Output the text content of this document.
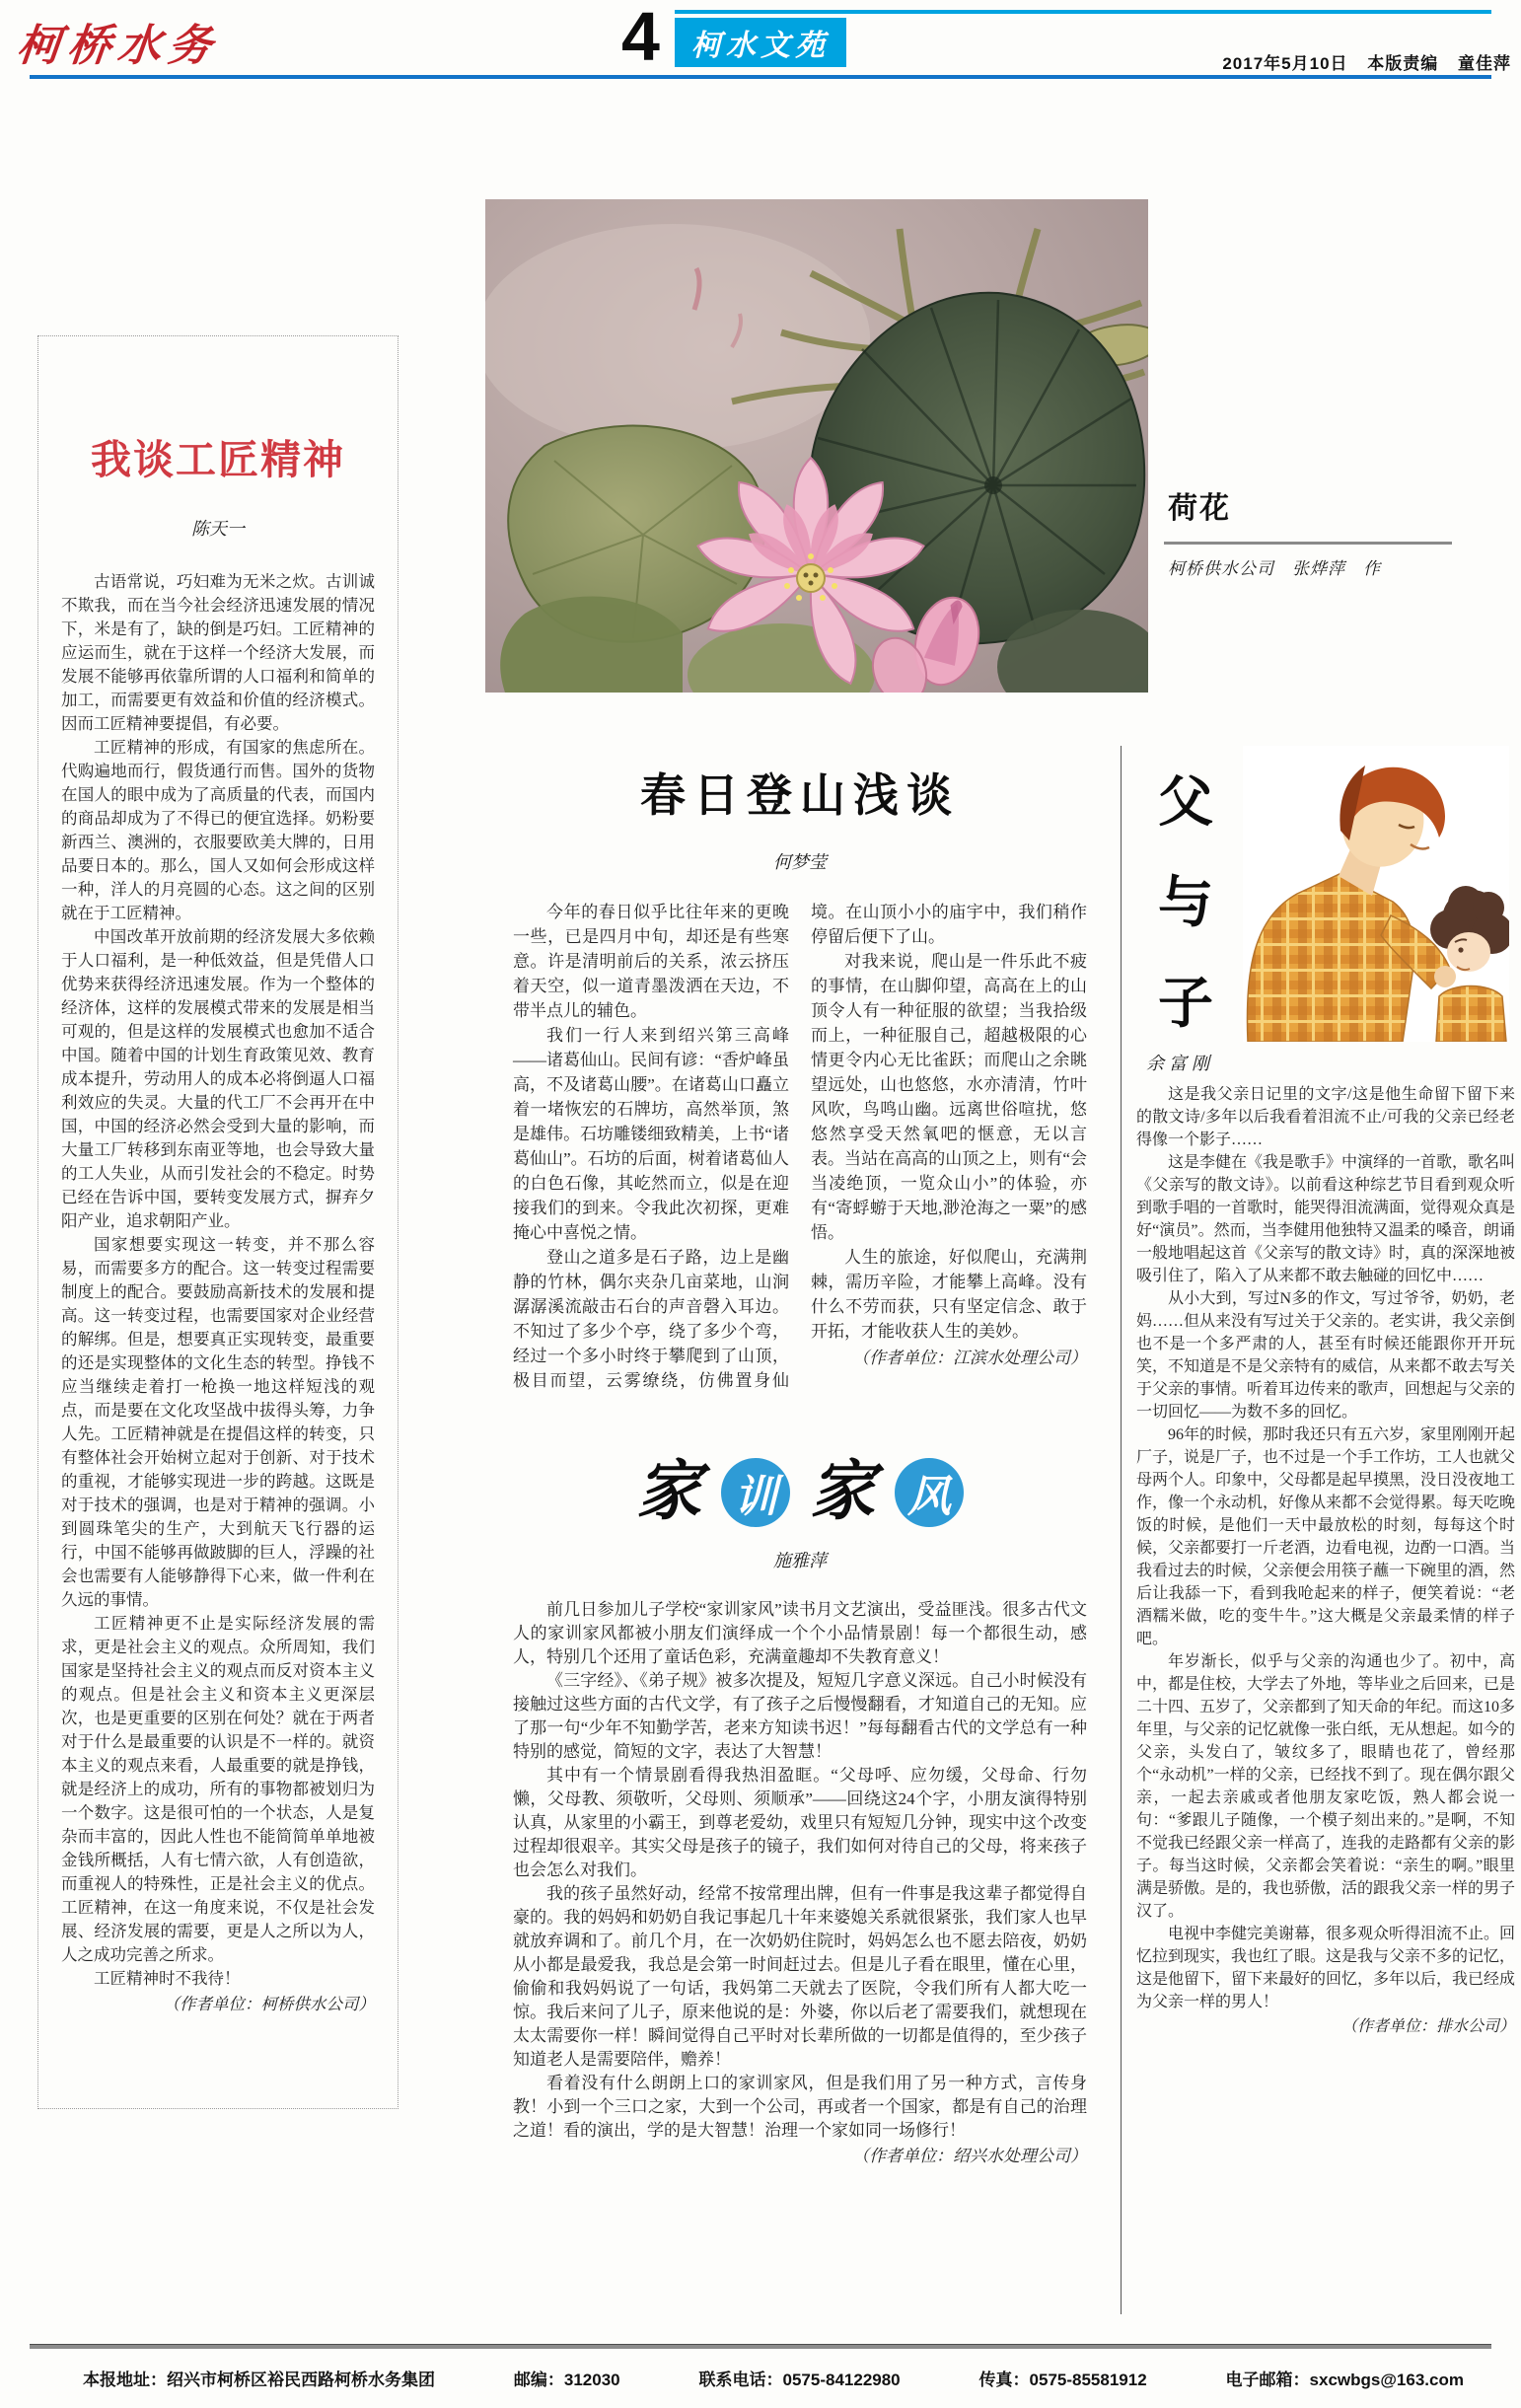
柯桥水务	4 柯水文苑
2017年5月10日 本版责编 童佳萍
荷花
柯桥供水公司　张烨萍　作
我谈工匠精神
陈天一

古语常说，巧妇难为无米之炊。古训诚不欺我，而在当今社会经济迅速发展的情况下，米是有了，缺的倒是巧妇。工匠精神的应运而生，就在于这样一个经济大发展，而发展不能够再依靠所谓的人口福利和简单的加工，而需要更有效益和价值的经济模式。因而工匠精神要提倡，有必要。

工匠精神的形成，有国家的焦虑所在。代购遍地而行，假货通行而售。国外的货物在国人的眼中成为了高质量的代表，而国内的商品却成为了不得已的便宜选择。奶粉要新西兰、澳洲的，衣服要欧美大牌的，日用品要日本的。那么，国人又如何会形成这样一种，洋人的月亮圆的心态。这之间的区别就在于工匠精神。

中国改革开放前期的经济发展大多依赖于人口福利，是一种低效益，但是凭借人口优势来获得经济迅速发展。作为一个整体的经济体，这样的发展模式带来的发展是相当可观的，但是这样的发展模式也愈加不适合中国。随着中国的计划生育政策见效、教育成本提升，劳动用人的成本必将倒逼人口福利效应的失灵。大量的代工厂不会再开在中国，中国的经济必然会受到大量的影响，而大量工厂转移到东南亚等地，也会导致大量的工人失业，从而引发社会的不稳定。时势已经在告诉中国，要转变发展方式，摒弃夕阳产业，追求朝阳产业。

国家想要实现这一转变，并不那么容易，而需要多方的配合。这一转变过程需要制度上的配合。要鼓励高新技术的发展和提高。这一转变过程，也需要国家对企业经营的解绑。但是，想要真正实现转变，最重要的还是实现整体的文化生态的转型。挣钱不应当继续走着打一枪换一地这样短浅的观点，而是要在文化攻坚战中拔得头筹，力争人先。工匠精神就是在提倡这样的转变，只有整体社会开始树立起对于创新、对于技术的重视，才能够实现进一步的跨越。这既是对于技术的强调，也是对于精神的强调。小到圆珠笔尖的生产，大到航天飞行器的运行，中国不能够再做跛脚的巨人，浮躁的社会也需要有人能够静得下心来，做一件利在久远的事情。

工匠精神更不止是实际经济发展的需求，更是社会主义的观点。众所周知，我们国家是坚持社会主义的观点而反对资本主义的观点。但是社会主义和资本主义更深层次，也是更重要的区别在何处？就在于两者对于什么是最重要的认识是不一样的。就资本主义的观点来看，人最重要的就是挣钱，就是经济上的成功，所有的事物都被划归为一个数字。这是很可怕的一个状态，人是复杂而丰富的，因此人性也不能简简单单地被金钱所概括，人有七情六欲，人有创造欲，而重视人的特殊性，正是社会主义的优点。工匠精神，在这一角度来说，不仅是社会发展、经济发展的需要，更是人之所以为人，人之成功完善之所求。

工匠精神时不我待！

（作者单位：柯桥供水公司）

春日登山浅谈
何梦莹

今年的春日似乎比往年来的更晚一些，已是四月中旬，却还是有些寒意。许是清明前后的关系，浓云挤压着天空，似一道青墨泼洒在天边，不带半点儿的辅色。

我们一行人来到绍兴第三高峰——诸葛仙山。民间有谚：“香炉峰虽高，不及诸葛山腰”。在诸葛山口矗立着一堵恢宏的石牌坊，高然举顶，煞是雄伟。石坊雕镂细致精美，上书“诸葛仙山”。石坊的后面，树着诸葛仙人的白色石像，其屹然而立，似是在迎接我们的到来。令我此次初探，更难掩心中喜悦之情。

登山之道多是石子路，边上是幽静的竹林，偶尔夹杂几亩菜地，山涧潺潺溪流敲击石台的声音磬入耳边。不知过了多少个亭，绕了多少个弯，经过一个多小时终于攀爬到了山顶，极目而望，云雾缭绕，仿佛置身仙境。在山顶小小的庙宇中，我们稍作停留后便下了山。

对我来说，爬山是一件乐此不疲的事情，在山脚仰望，高高在上的山顶令人有一种征服的欲望；当我拾级而上，一种征服自己，超越极限的心情更令内心无比雀跃；而爬山之余眺望远处，山也悠悠，水亦清清，竹叶风吹，鸟鸣山幽。远离世俗喧扰，悠悠然享受天然氧吧的惬意，无以言表。当站在高高的山顶之上，则有“会当凌绝顶，一览众山小”的体验，亦有“寄蜉蝣于天地,渺沧海之一粟”的感悟。

人生的旅途，好似爬山，充满荆棘，需历辛险，才能攀上高峰。没有什么不劳而获，只有坚定信念、敢于开拓，才能收获人生的美妙。

（作者单位：江滨水处理公司）

家 训 家 风
施雅萍

前几日参加儿子学校“家训家风”读书月文艺演出，受益匪浅。很多古代文人的家训家风都被小朋友们演绎成一个个小品情景剧！每一个都很生动，感人，特别几个还用了童话色彩，充满童趣却不失教育意义！

《三字经》、《弟子规》被多次提及，短短几字意义深远。自己小时候没有接触过这些方面的古代文学，有了孩子之后慢慢翻看，才知道自己的无知。应了那一句“少年不知勤学苦，老来方知读书迟！”每每翻看古代的文学总有一种特别的感觉，简短的文字，表达了大智慧！

其中有一个情景剧看得我热泪盈眶。“父母呼、应勿缓，父母命、行勿懒，父母教、须敬听，父母则、须顺承”——回绕这24个字，小朋友演得特别认真，从家里的小霸王，到尊老爱幼，戏里只有短短几分钟，现实中这个改变过程却很艰辛。其实父母是孩子的镜子，我们如何对待自己的父母，将来孩子也会怎么对我们。

我的孩子虽然好动，经常不按常理出牌，但有一件事是我这辈子都觉得自豪的。我的妈妈和奶奶自我记事起几十年来婆媳关系就很紧张，我们家人也早就放弃调和了。前几个月，在一次奶奶住院时，妈妈怎么也不愿去陪夜，奶奶从小都是最爱我，我总是会第一时间赶过去。但是儿子看在眼里，懂在心里，偷偷和我妈妈说了一句话，我妈第二天就去了医院，令我们所有人都大吃一惊。我后来问了儿子，原来他说的是：外婆，你以后老了需要我们，就想现在太太需要你一样！瞬间觉得自己平时对长辈所做的一切都是值得的，至少孩子知道老人是需要陪伴，赡养！

看着没有什么朗朗上口的家训家风，但是我们用了另一种方式，言传身教！小到一个三口之家，大到一个公司，再或者一个国家，都是有自己的治理之道！看的演出，学的是大智慧！治理一个家如同一场修行！

（作者单位：绍兴水处理公司）

父
与
子
余富刚

这是我父亲日记里的文字/这是他生命留下留下来的散文诗/多年以后我看着泪流不止/可我的父亲已经老得像一个影子……

这是李健在《我是歌手》中演绎的一首歌，歌名叫《父亲写的散文诗》。以前看这种综艺节目看到观众听到歌手唱的一首歌时，能哭得泪流满面，觉得观众真是好“演员”。然而，当李健用他独特又温柔的嗓音，朗诵一般地唱起这首《父亲写的散文诗》时，真的深深地被吸引住了，陷入了从来都不敢去触碰的回忆中……

从小大到，写过N多的作文，写过爷爷，奶奶，老妈……但从来没有写过关于父亲的。老实讲，我父亲倒也不是一个多严肃的人，甚至有时候还能跟你开开玩笑，不知道是不是父亲特有的威信，从来都不敢去写关于父亲的事情。听着耳边传来的歌声，回想起与父亲的一切回忆——为数不多的回忆。

96年的时候，那时我还只有五六岁，家里刚刚开起厂子，说是厂子，也不过是一个手工作坊，工人也就父母两个人。印象中，父母都是起早摸黑，没日没夜地工作，像一个永动机，好像从来都不会觉得累。每天吃晚饭的时候，是他们一天中最放松的时刻，每每这个时候，父亲都要打一斤老酒，边看电视，边酌一口酒。当我看过去的时候，父亲便会用筷子蘸一下碗里的酒，然后让我舔一下，看到我呛起来的样子，便笑着说：“老酒糯米做，吃的变牛牛。”这大概是父亲最柔情的样子吧。

年岁渐长，似乎与父亲的沟通也少了。初中，高中，都是住校，大学去了外地，等毕业之后回来，已是二十四、五岁了，父亲都到了知天命的年纪。而这10多年里，与父亲的记忆就像一张白纸，无从想起。如今的父亲，头发白了，皱纹多了，眼睛也花了，曾经那个“永动机”一样的父亲，已经找不到了。现在偶尔跟父亲，一起去亲戚或者他朋友家吃饭，熟人都会说一句：“爹跟儿子随像，一个模子刻出来的。”是啊，不知不觉我已经跟父亲一样高了，连我的走路都有父亲的影子。每当这时候，父亲都会笑着说：“亲生的啊。”眼里满是骄傲。是的，我也骄傲，活的跟我父亲一样的男子汉了。

电视中李健完美谢幕，很多观众听得泪流不止。回忆拉到现实，我也红了眼。这是我与父亲不多的记忆，这是他留下，留下来最好的回忆，多年以后，我已经成为父亲一样的男人！

（作者单位：排水公司）

本报地址：绍兴市柯桥区裕民西路柯桥水务集团	邮编：312030	联系电话：0575-84122980	传真：0575-85581912	电子邮箱：sxcwbgs@163.com
